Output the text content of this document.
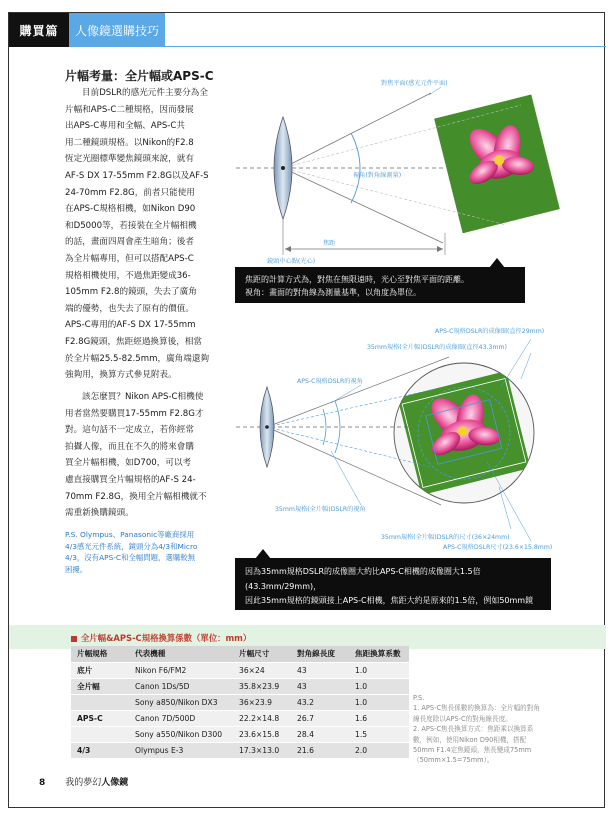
購買篇	人像鏡選購技巧
片幅考量：全片幅或APS-C
目前DSLR的感光元件主要分為全
片幅和APS-C二種規格，因而發展
出APS-C專用和全幅、APS-C共
用二種鏡頭規格。以Nikon的F2.8
恆定光圈標準變焦鏡頭來說，就有
AF-S DX 17-55mm F2.8G以及AF-S
24-70mm F2.8G，前者只能使用
在APS-C規格相機，如Nikon D90
和D5000等，若接裝在全片幅相機
的話，畫面四周會產生暗角；後者
為全片幅專用，但可以搭配APS-C
規格相機使用，不過焦距變成36-
105mm F2.8的鏡頭，失去了廣角
端的優勢，也失去了原有的價值。
APS-C專用的AF-S DX 17-55mm
F2.8G鏡頭，焦距經過換算後，相當
於全片幅25.5-82.5mm，廣角端還夠
強夠用，換算方式參見附表。
該怎麼買？Nikon APS-C相機使
用者當然要購買17-55mm F2.8G才
對。這句話不一定成立，若你經常
拍攝人像，而且在不久的將來會購
買全片幅相機，如D700，可以考
慮直接購買全片幅規格的AF-S 24-
70mm F2.8G，換用全片幅相機就不
需重新換購鏡頭。
P.S. Olympus、Panasonic等廠商採用
4/3感光元件系統，鏡頭分為4/3和Micro
4/3，沒有APS-C和全幅問題，選購較無
困擾。
對焦平面(感光元件平面)
視角(對角線測量)
焦距
鏡頭中心點(光心)
焦距的計算方式為，對焦在無限遠時，光心至對焦平面的距離。
視角：畫面的對角線為測量基準，以角度為單位。
APS-C規格DSLR的成像圈(直徑29mm)
35mm規格(全片幅)DSLR的成像圈(直徑43.3mm)
APS-C規格DSLR的視角
35mm規格(全片幅)DSLR的視角
35mm規格(全片幅)DSLR的尺寸(36×24mm)
APS-C規格DSLR尺寸(23.6×15.8mm)
因為35mm規格DSLR的成像圈大約比APS-C相機的成像圈大1.5倍(43.3mm/29mm)，
因此35mm規格的鏡頭接上APS-C相機，焦距大約是原來的1.5倍，例如50mm鏡頭的
全片幅&APS-C規格換算係數（單位：mm）
片幅規格	代表機種	片幅尺寸	對角線長度	焦距換算系數
底片	Nikon F6/FM2	36×24	43	1.0
全片幅	Canon 1Ds/5D	35.8×23.9	43	1.0
	Sony a850/Nikon DX3	36×23.9	43.2	1.0
APS-C	Canon 7D/500D	22.2×14.8	26.7	1.6
	Sony a550/Nikon D300	23.6×15.8	28.4	1.5
4/3	Olympus E-3	17.3×13.0	21.6	2.0
P.S.
1. APS-C焦長係數的換算為：全片幅的對角
線長度除以APS-C的對角線長度。
2. APS-C焦長換算方式：焦距乘以換算系
數，例如，使用Nikon D90相機，搭配
50mm F1.4定焦鏡頭，焦長變成75mm
（50mm×1.5=75mm）。
8 我的夢幻人像鏡
